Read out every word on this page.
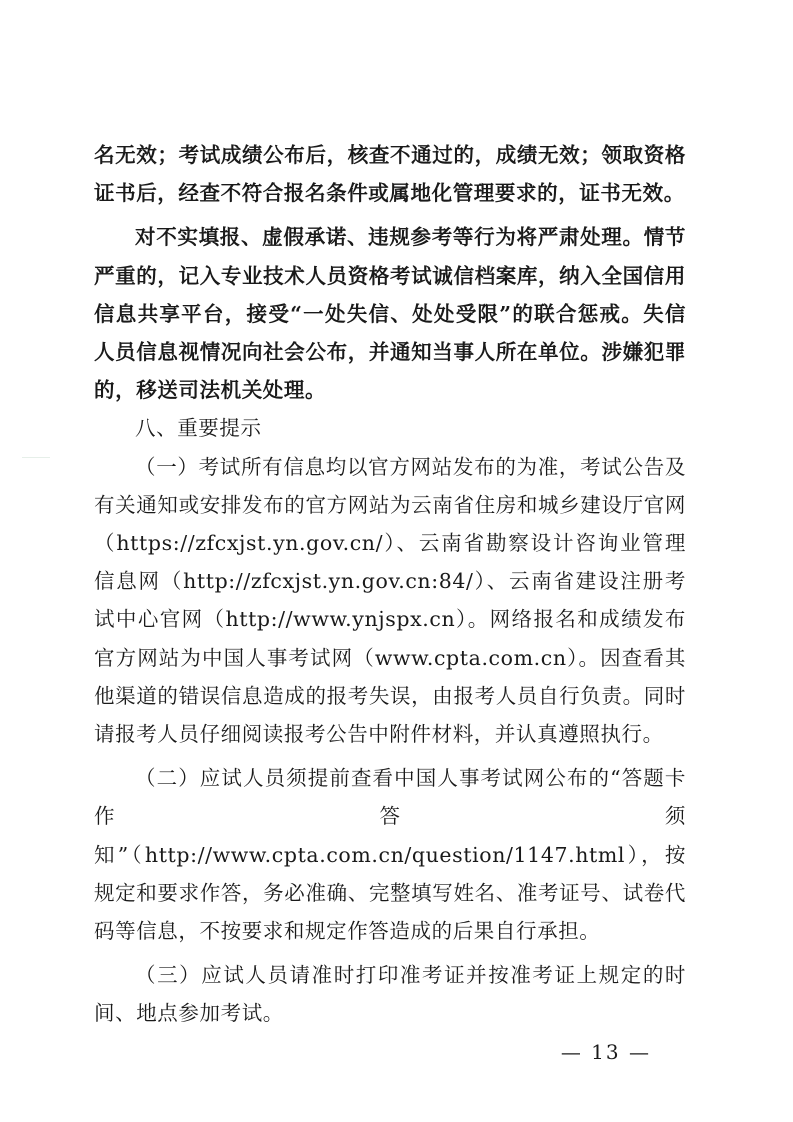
名无效；考试成绩公布后，核查不通过的，成绩无效；领取资格证书后，经查不符合报名条件或属地化管理要求的，证书无效。

对不实填报、虚假承诺、违规参考等行为将严肃处理。情节严重的，记入专业技术人员资格考试诚信档案库，纳入全国信用信息共享平台，接受“一处失信、处处受限”的联合惩戒。失信人员信息视情况向社会公布，并通知当事人所在单位。涉嫌犯罪的，移送司法机关处理。

八、重要提示

（一）考试所有信息均以官方网站发布的为准，考试公告及有关通知或安排发布的官方网站为云南省住房和城乡建设厅官网（https://zfcxjst.yn.gov.cn/）、云南省勘察设计咨询业管理信息网（http://zfcxjst.yn.gov.cn:84/）、云南省建设注册考试中心官网（http://www.ynjspx.cn）。网络报名和成绩发布官方网站为中国人事考试网（www.cpta.com.cn）。因查看其他渠道的错误信息造成的报考失误，由报考人员自行负责。同时请报考人员仔细阅读报考公告中附件材料，并认真遵照执行。

（二）应试人员须提前查看中国人事考试网公布的“答题卡作答须知”（http://www.cpta.com.cn/question/1147.html），按规定和要求作答，务必准确、完整填写姓名、准考证号、试卷代码等信息，不按要求和规定作答造成的后果自行承担。

（三）应试人员请准时打印准考证并按准考证上规定的时间、地点参加考试。

— 13 —
